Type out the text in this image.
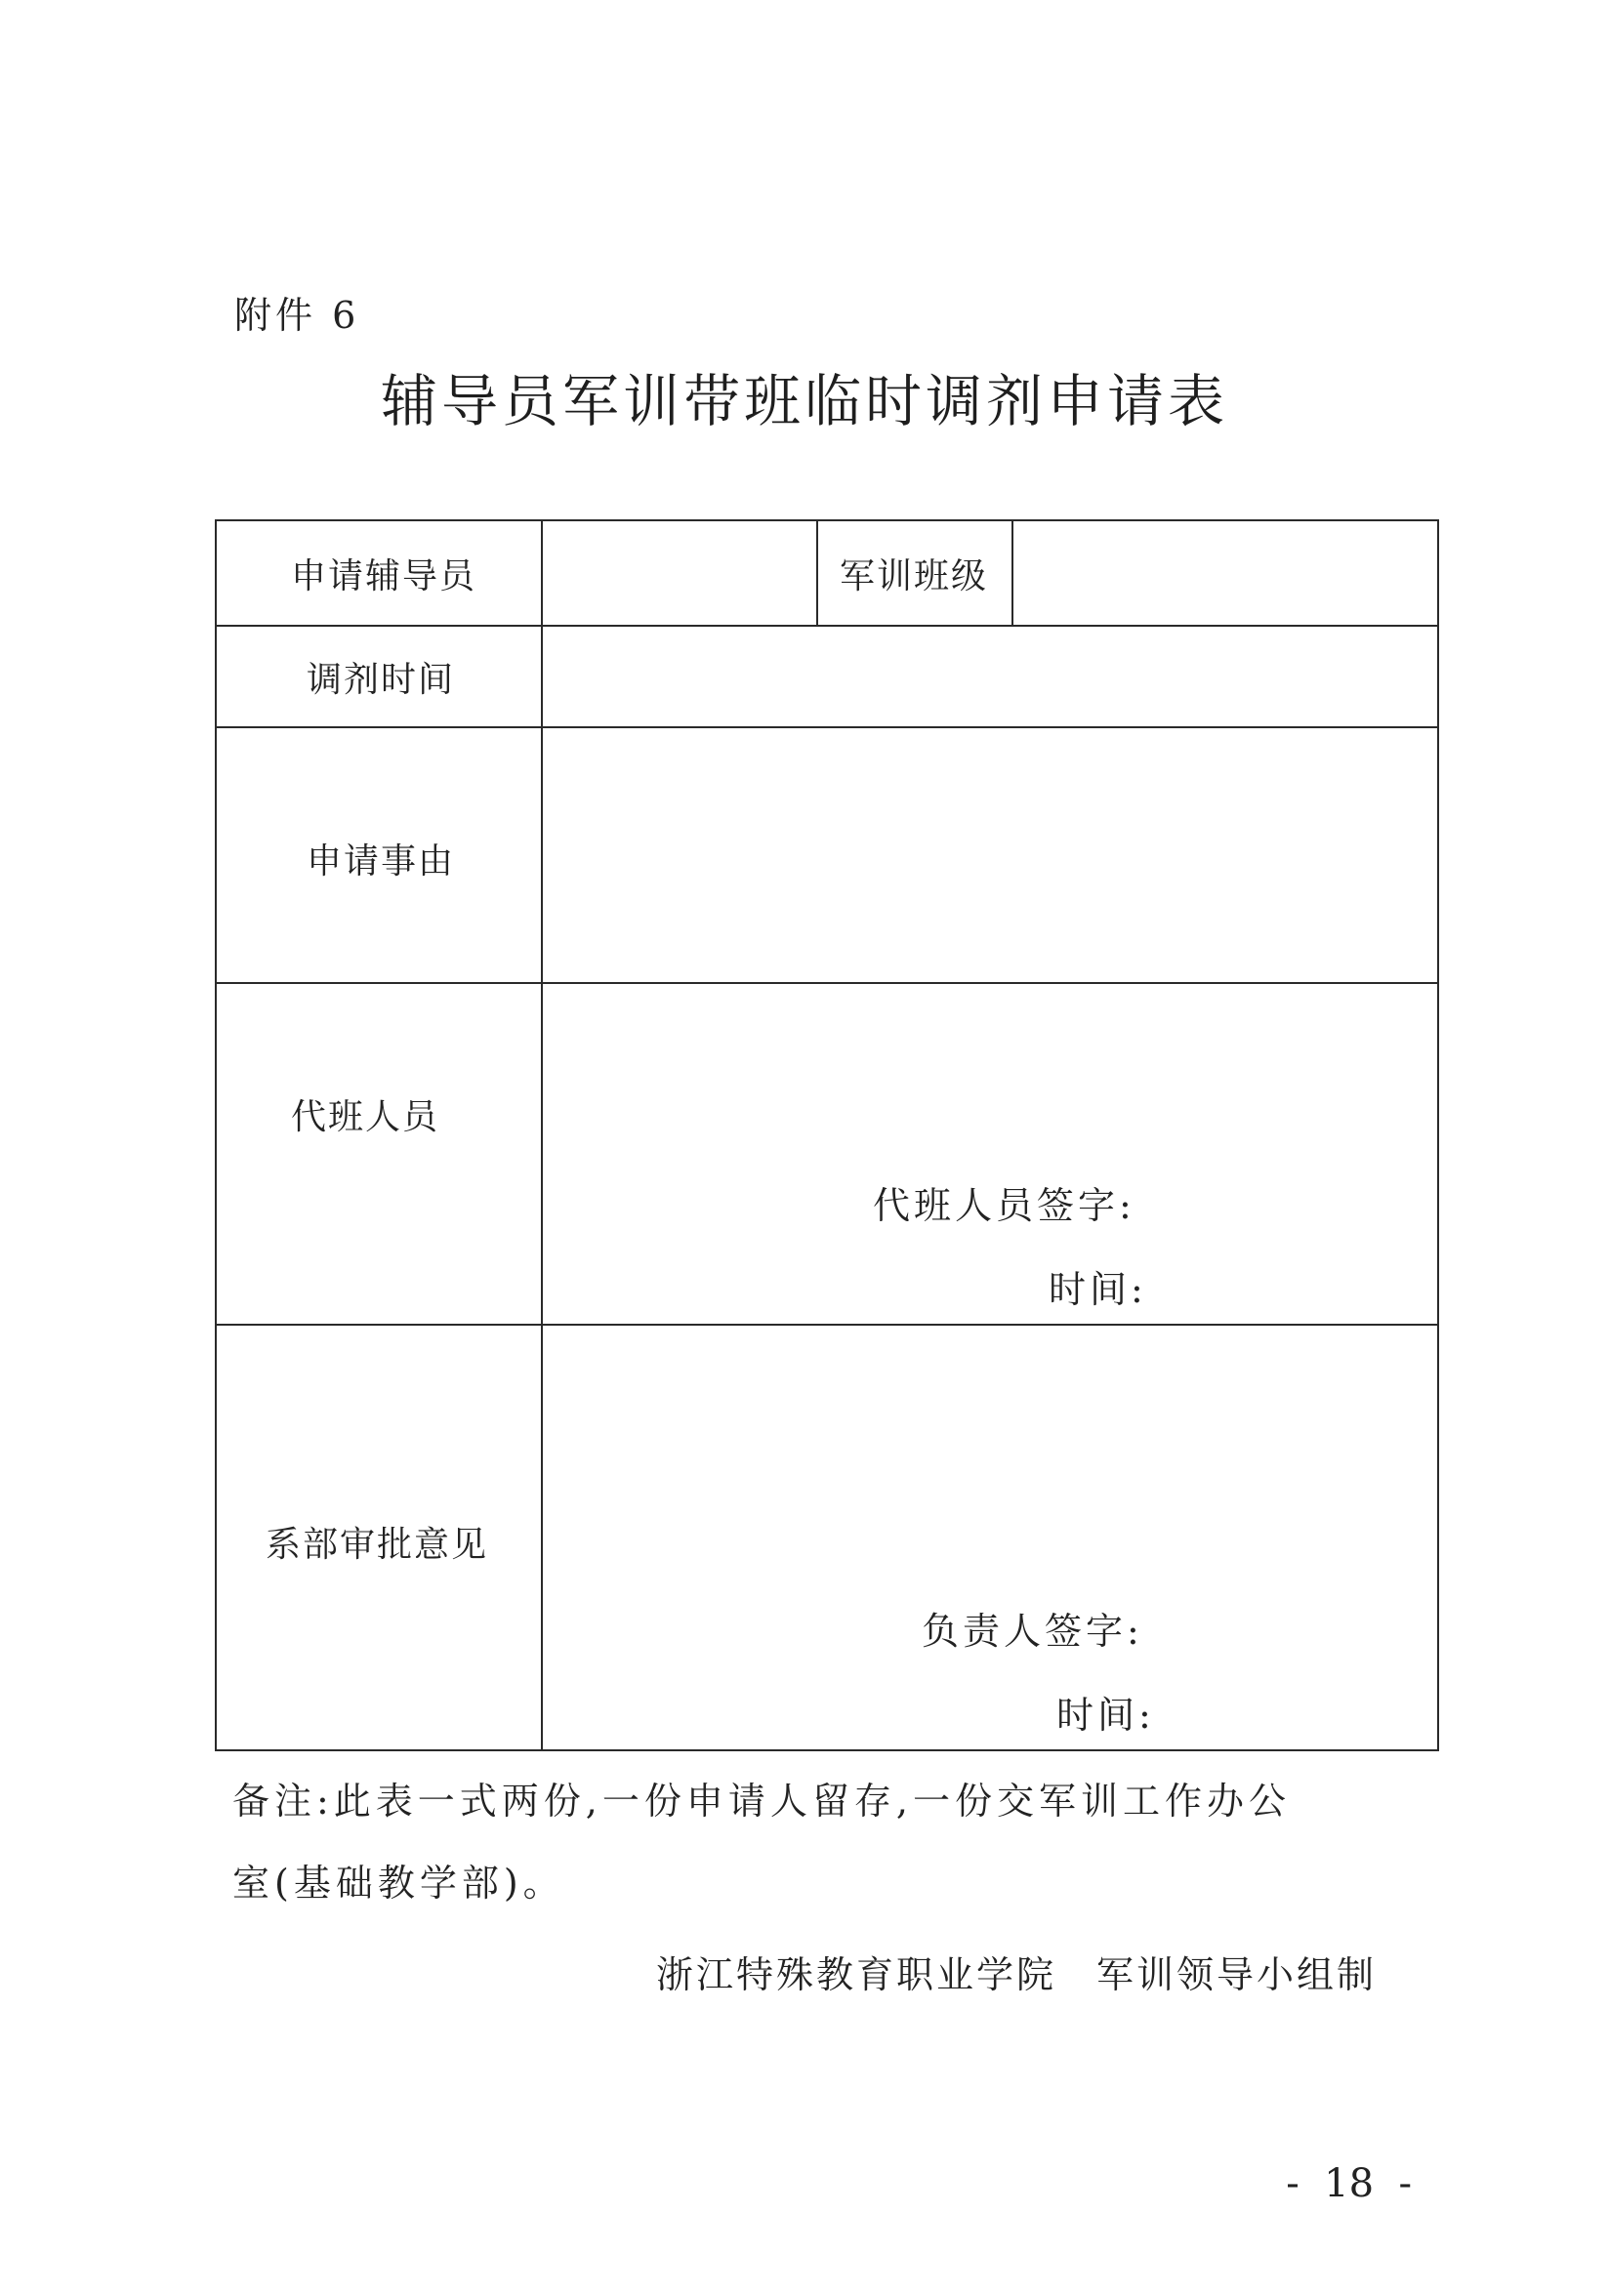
附件 6
辅导员军训带班临时调剂申请表
申请辅导员	军训班级
调剂时间
申请事由
代班人员
代班人员签字:
时间:
系部审批意见
负责人签字:
时间:
备注:此表一式两份,一份申请人留存,一份交军训工作办公
室(基础教学部)。
浙江特殊教育职业学院　军训领导小组制
-  18  -
